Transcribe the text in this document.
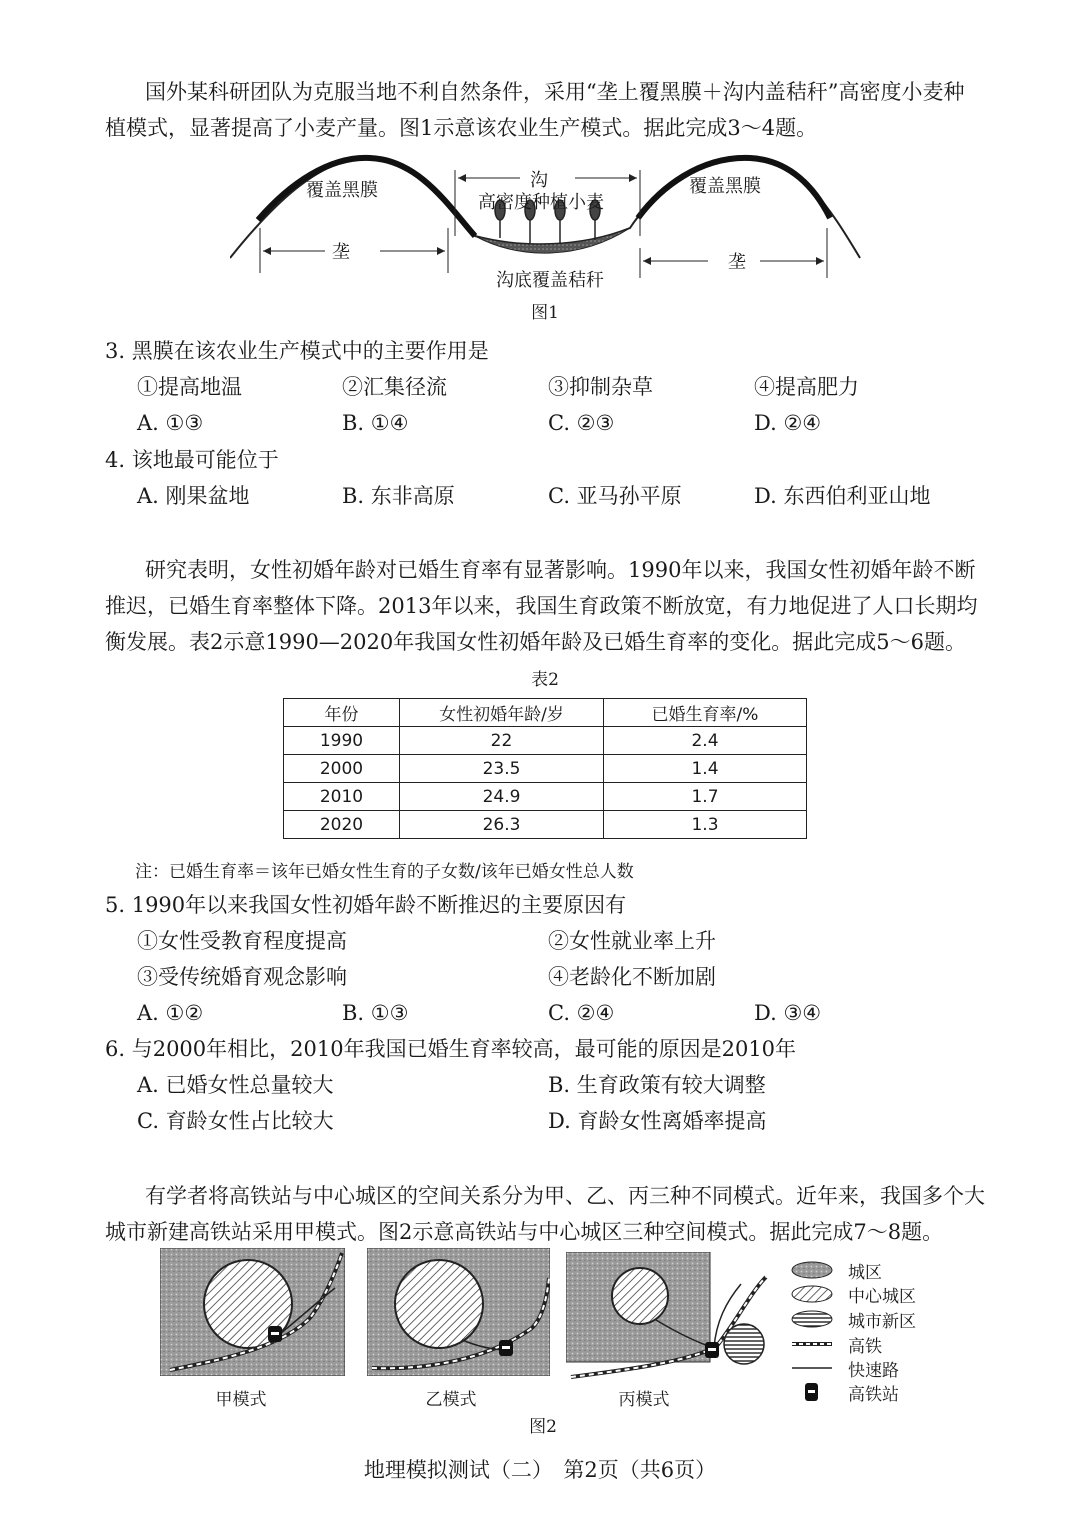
国外某科研团队为克服当地不利自然条件，采用“垄上覆黑膜＋沟内盖秸秆”高密度小麦种植模式，显著提高了小麦产量。图1示意该农业生产模式。据此完成3～4题。

覆盖黑膜	覆盖黑膜
沟
高密度种植小麦
沟底覆盖秸秆
垄	垄
图1
3. 黑膜在该农业生产模式中的主要作用是
①提高地温	②汇集径流	③抑制杂草	④提高肥力
A. ①③	B. ①④	C. ②③	D. ②④
4. 该地最可能位于
A. 刚果盆地	B. 东非高原	C. 亚马孙平原	D. 东西伯利亚山地

研究表明，女性初婚年龄对已婚生育率有显著影响。1990年以来，我国女性初婚年龄不断推迟，已婚生育率整体下降。2013年以来，我国生育政策不断放宽，有力地促进了人口长期均衡发展。表2示意1990—2020年我国女性初婚年龄及已婚生育率的变化。据此完成5～6题。

表2
年份	女性初婚年龄/岁	已婚生育率/%
1990	22	2.4
2000	23.5	1.4
2010	24.9	1.7
2020	26.3	1.3
注：已婚生育率＝该年已婚女性生育的子女数/该年已婚女性总人数
5. 1990年以来我国女性初婚年龄不断推迟的主要原因有
①女性受教育程度提高	②女性就业率上升
③受传统婚育观念影响	④老龄化不断加剧
A. ①②	B. ①③	C. ②④	D. ③④
6. 与2000年相比，2010年我国已婚生育率较高，最可能的原因是2010年
A. 已婚女性总量较大	B. 生育政策有较大调整
C. 育龄女性占比较大	D. 育龄女性离婚率提高

有学者将高铁站与中心城区的空间关系分为甲、乙、丙三种不同模式。近年来，我国多个大城市新建高铁站采用甲模式。图2示意高铁站与中心城区三种空间模式。据此完成7～8题。

甲模式	乙模式	丙模式
城区
中心城区
城市新区
高铁
快速路
高铁站
图2
地理模拟测试（二）　第2页（共6页）
